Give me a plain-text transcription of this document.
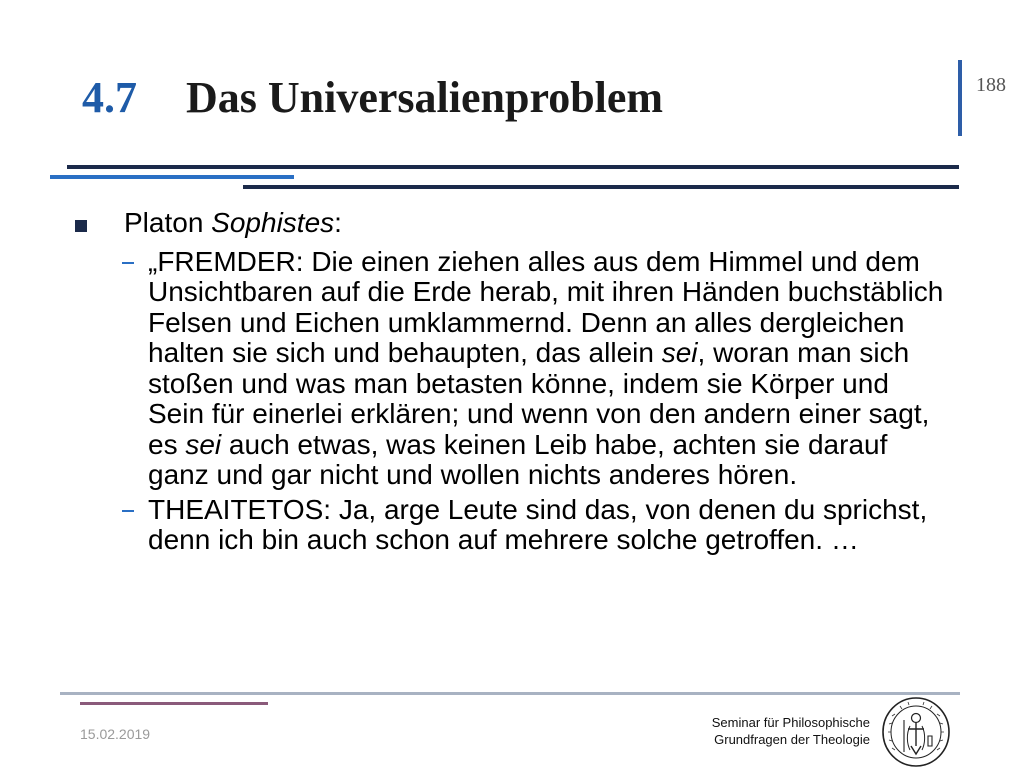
4.7 Das Universalienproblem	188
Platon Sophistes:
„FREMDER: Die einen ziehen alles aus dem Himmel und dem Unsichtbaren auf die Erde herab, mit ihren Händen buchstäblich Felsen und Eichen umklammernd. Denn an alles dergleichen halten sie sich und behaupten, das allein sei, woran man sich stoßen und was man betasten könne, indem sie Körper und Sein für einerlei erklären; und wenn von den andern einer sagt, es sei auch etwas, was keinen Leib habe, achten sie darauf ganz und gar nicht und wollen nichts anderes hören.
THEAITETOS: Ja, arge Leute sind das, von denen du sprichst, denn ich bin auch schon auf mehrere solche getroffen. …
15.02.2019
Seminar für Philosophische
Grundfragen der Theologie
